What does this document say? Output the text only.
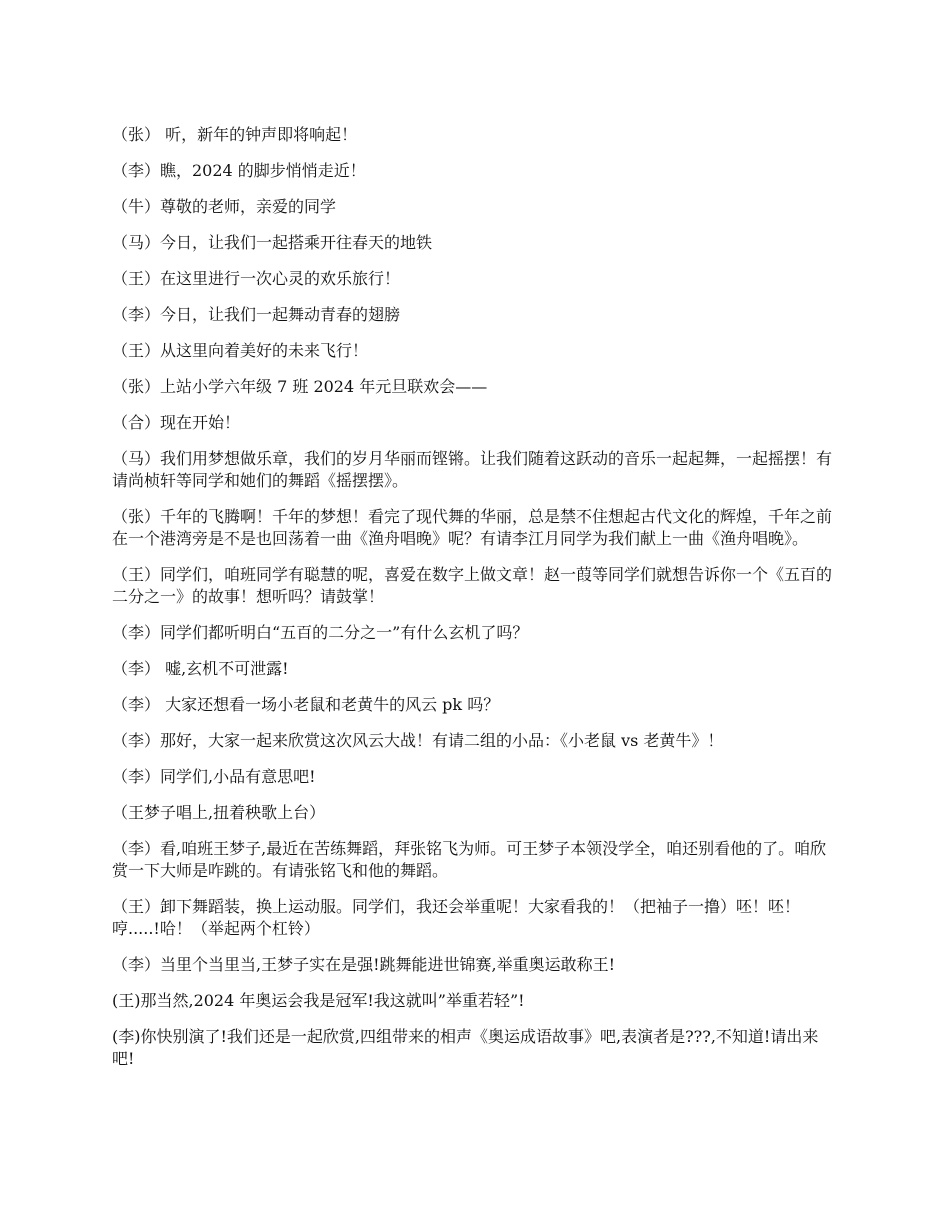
（张） 听，新年的钟声即将响起！

（李）瞧，2024 的脚步悄悄走近！

（牛）尊敬的老师，亲爱的同学

（马）今日，让我们一起搭乘开往春天的地铁

（王）在这里进行一次心灵的欢乐旅行！

（李）今日，让我们一起舞动青春的翅膀

（王）从这里向着美好的未来飞行！

（张）上站小学六年级 7 班 2024 年元旦联欢会——

（合）现在开始！

（马）我们用梦想做乐章，我们的岁月华丽而铿锵。让我们随着这跃动的音乐一起起舞，一起摇摆！有请尚桢轩等同学和她们的舞蹈《摇摆摆》。

（张）千年的飞腾啊！千年的梦想！看完了现代舞的华丽，总是禁不住想起古代文化的辉煌，千年之前在一个港湾旁是不是也回荡着一曲《渔舟唱晚》呢？有请李江月同学为我们献上一曲《渔舟唱晚》。

（王）同学们，咱班同学有聪慧的呢，喜爱在数字上做文章！赵一葭等同学们就想告诉你一个《五百的二分之一》的故事！想听吗？请鼓掌！

（李）同学们都听明白“五百的二分之一”有什么玄机了吗？

（李） 嘘,玄机不可泄露!

（李） 大家还想看一场小老鼠和老黄牛的风云 pk 吗？

（李）那好，大家一起来欣赏这次风云大战！有请二组的小品：《小老鼠 vs 老黄牛》！

（李）同学们,小品有意思吧!

（王梦子唱上,扭着秧歌上台）

（李）看,咱班王梦子,最近在苦练舞蹈，拜张铭飞为师。可王梦子本领没学全，咱还别看他的了。咱欣赏一下大师是咋跳的。有请张铭飞和他的舞蹈。

（王）卸下舞蹈装，换上运动服。同学们，我还会举重呢！大家看我的！（把袖子一撸）呸！呸！哼.....!哈！（举起两个杠铃）

（李）当里个当里当,王梦子实在是强!跳舞能进世锦赛,举重奥运敢称王!

(王)那当然,2024 年奥运会我是冠军!我这就叫”举重若轻”!

(李)你快别演了!我们还是一起欣赏,四组带来的相声《奥运成语故事》吧,表演者是???,不知道!请出来吧!
